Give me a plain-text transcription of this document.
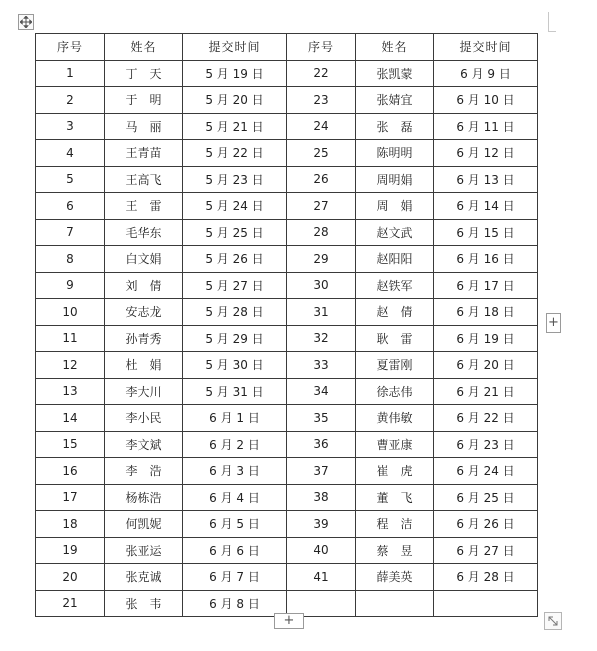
序号	姓名	提交时间	序号	姓名	提交时间
1	丁　天	5 月 19 日	22	张凯蒙	6 月 9 日
2	于　明	5 月 20 日	23	张婧宜	6 月 10 日
3	马　丽	5 月 21 日	24	张　磊	6 月 11 日
4	王青苗	5 月 22 日	25	陈明明	6 月 12 日
5	王高飞	5 月 23 日	26	周明娟	6 月 13 日
6	王　雷	5 月 24 日	27	周　娟	6 月 14 日
7	毛华东	5 月 25 日	28	赵文武	6 月 15 日
8	白文娟	5 月 26 日	29	赵阳阳	6 月 16 日
9	刘　倩	5 月 27 日	30	赵铁军	6 月 17 日
10	安志龙	5 月 28 日	31	赵　倩	6 月 18 日
11	孙青秀	5 月 29 日	32	耿　雷	6 月 19 日
12	杜　娟	5 月 30 日	33	夏雷刚	6 月 20 日
13	李大川	5 月 31 日	34	徐志伟	6 月 21 日
14	李小民	6 月 1 日	35	黄伟敏	6 月 22 日
15	李文斌	6 月 2 日	36	曹亚康	6 月 23 日
16	李　浩	6 月 3 日	37	崔　虎	6 月 24 日
17	杨栋浩	6 月 4 日	38	董　飞	6 月 25 日
18	何凯妮	6 月 5 日	39	程　洁	6 月 26 日
19	张亚运	6 月 6 日	40	蔡　昱	6 月 27 日
20	张克诚	6 月 7 日	41	薛美英	6 月 28 日
21	张　韦	6 月 8 日			
+
+
